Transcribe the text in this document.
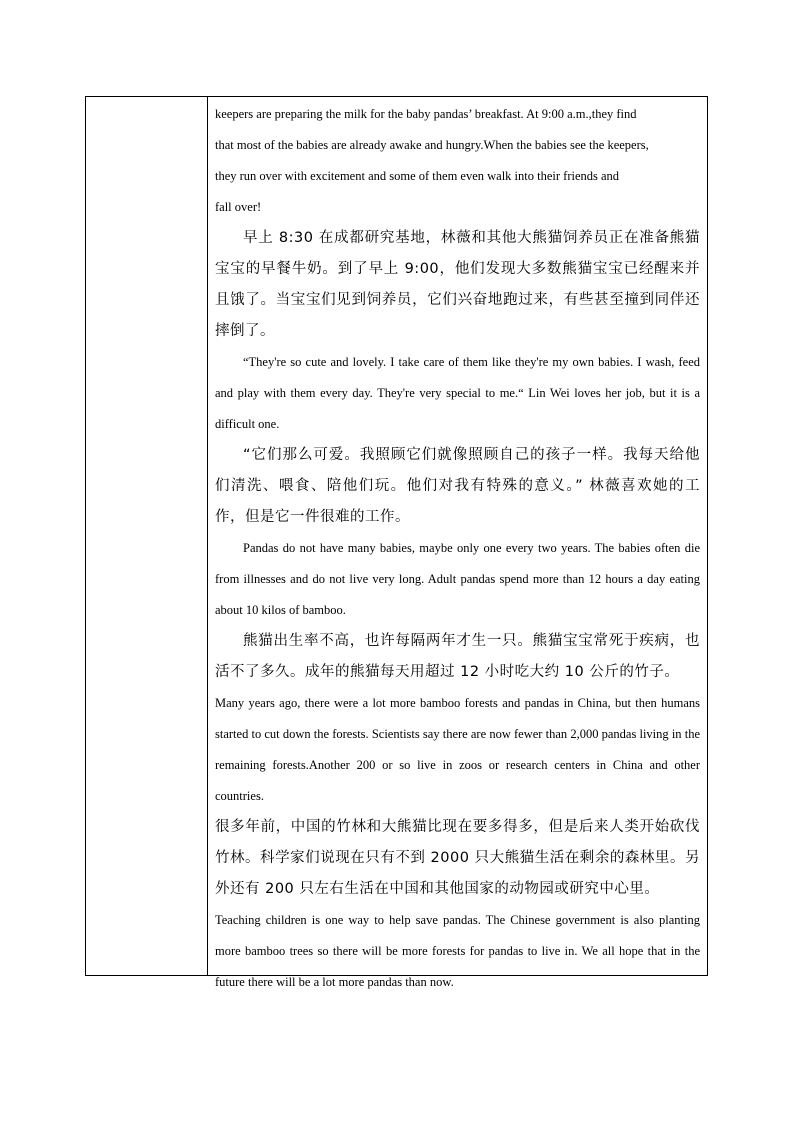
keepers are preparing the milk for the baby pandas’ breakfast. At 9:00 a.m.,they find
that most of the babies are already awake and hungry.When the babies see the keepers,
they run over with excitement and some of them even walk into their friends and
fall over!

早上 8:30 在成都研究基地，林薇和其他大熊猫饲养员正在准备熊猫宝宝的早餐牛奶。到了早上 9:00，他们发现大多数熊猫宝宝已经醒来并且饿了。当宝宝们见到饲养员，它们兴奋地跑过来，有些甚至撞到同伴还摔倒了。

“They're so cute and lovely. I take care of them like they're my own babies. I wash, feed and play with them every day. They're very special to me.“ Lin Wei loves her job, but it is a difficult one.

“它们那么可爱。我照顾它们就像照顾自己的孩子一样。我每天给他们清洗、喂食、陪他们玩。他们对我有特殊的意义。” 林薇喜欢她的工作，但是它一件很难的工作。

Pandas do not have many babies, maybe only one every two years. The babies often die from illnesses and do not live very long. Adult pandas spend more than 12 hours a day eating about 10 kilos of bamboo.

熊猫出生率不高，也许每隔两年才生一只。熊猫宝宝常死于疾病，也活不了多久。成年的熊猫每天用超过 12 小时吃大约 10 公斤的竹子。

Many years ago, there were a lot more bamboo forests and pandas in China, but then humans started to cut down the forests. Scientists say there are now fewer than 2,000 pandas living in the remaining forests.Another 200 or so live in zoos or research centers in China and other countries.

很多年前，中国的竹林和大熊猫比现在要多得多，但是后来人类开始砍伐竹林。科学家们说现在只有不到 2000 只大熊猫生活在剩余的森林里。另外还有 200 只左右生活在中国和其他国家的动物园或研究中心里。

Teaching children is one way to help save pandas. The Chinese government is also planting more bamboo trees so there will be more forests for pandas to live in. We all hope that in the future there will be a lot more pandas than now.
